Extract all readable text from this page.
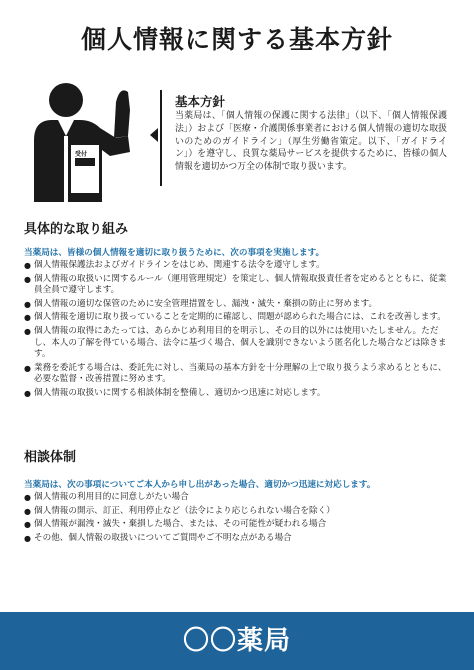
個人情報に関する基本方針
受付
基本方針
当薬局は、「個人情報の保護に関する法律」（以下、「個人情報保護法」）および「医療・介護関係事業者における個人情報の適切な取扱いのためのガイドライン」（厚生労働省策定。以下、「ガイドライン」）を遵守し、良質な薬局サービスを提供するために、皆様の個人情報を適切かつ万全の体制で取り扱います。
具体的な取り組み
当薬局は、皆様の個人情報を適切に取り扱うために、次の事項を実施します。
● 個人情報保護法およびガイドラインをはじめ、関連する法令を遵守します。
● 個人情報の取扱いに関するルール（運用管理規定）を策定し、個人情報取扱責任者を定めるとともに、従業員全員で遵守します。
● 個人情報の適切な保管のために安全管理措置をし、漏洩・滅失・棄損の防止に努めます。
● 個人情報を適切に取り扱っていることを定期的に確認し、問題が認められた場合には、これを改善します。
● 個人情報の取得にあたっては、あらかじめ利用目的を明示し、その目的以外には使用いたしません。ただし、本人の了解を得ている場合、法令に基づく場合、個人を識別できないよう匿名化した場合などは除きます。
● 業務を委託する場合は、委託先に対し、当薬局の基本方針を十分理解の上で取り扱うよう求めるとともに、必要な監督・改善措置に努めます。
● 個人情報の取扱いに関する相談体制を整備し、適切かつ迅速に対応します。
相談体制
当薬局は、次の事項についてご本人から申し出があった場合、適切かつ迅速に対応します。
● 個人情報の利用目的に同意しがたい場合
● 個人情報の開示、訂正、利用停止など（法令により応じられない場合を除く）
● 個人情報が漏洩・滅失・棄損した場合、または、その可能性が疑われる場合
● その他、個人情報の取扱いについてご質問やご不明な点がある場合
〇〇薬局
